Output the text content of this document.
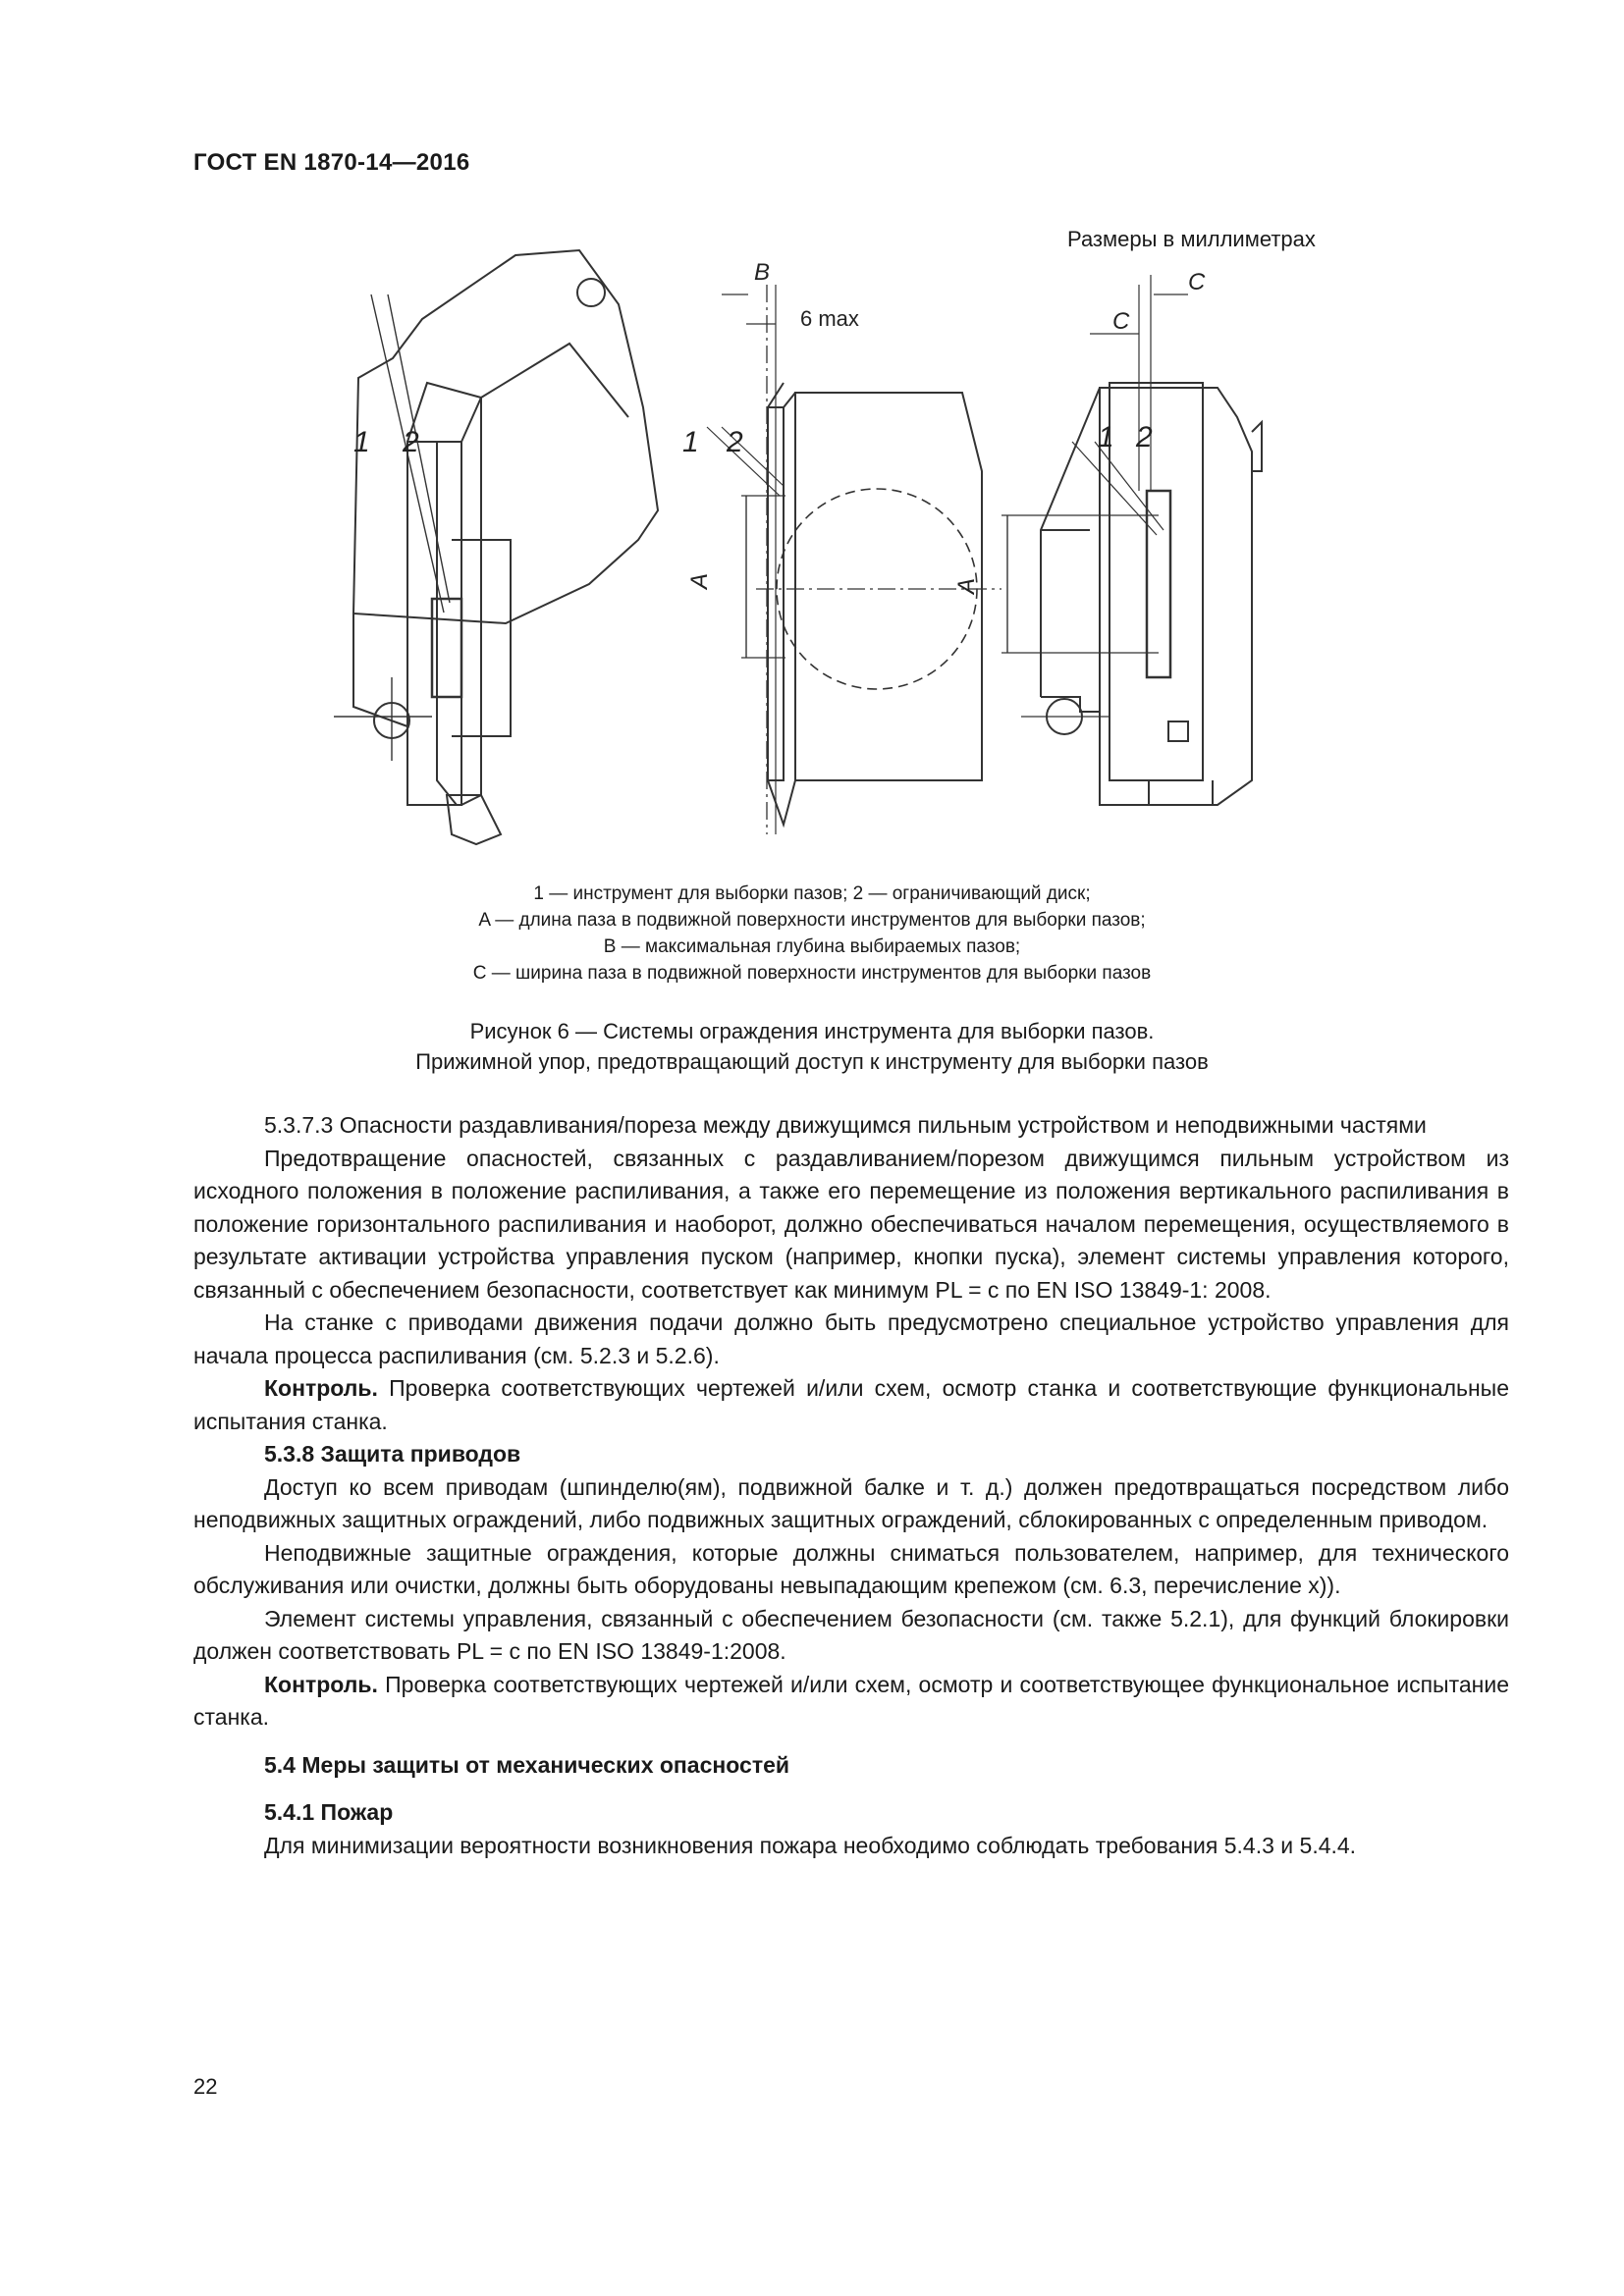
ГОСТ EN 1870-14—2016
Размеры в миллиметрах
1 2	1 2	1 2
B
C
C
A	A
6 max
1 — инструмент для выборки пазов; 2 — ограничивающий диск;
A — длина паза в подвижной поверхности инструментов для выборки пазов;
B — максимальная глубина выбираемых пазов;
C — ширина паза в подвижной поверхности инструментов для выборки пазов
Рисунок 6 — Системы ограждения инструмента для выборки пазов.
Прижимной упор, предотвращающий доступ к инструменту для выборки пазов

5.3.7.3 Опасности раздавливания/пореза между движущимся пильным устройством и неподвижными частями

Предотвращение опасностей, связанных с раздавливанием/порезом движущимся пильным устройством из исходного положения в положение распиливания, а также его перемещение из положения вертикального распиливания в положение горизонтального распиливания и наоборот, должно обеспечиваться началом перемещения, осуществляемого в результате активации устройства управления пуском (например, кнопки пуска), элемент системы управления которого, связанный с обеспечением безопасности, соответствует как минимум PL = с по EN ISO 13849-1: 2008.

На станке с приводами движения подачи должно быть предусмотрено специальное устройство управления для начала процесса распиливания (см. 5.2.3 и 5.2.6).

Контроль. Проверка соответствующих чертежей и/или схем, осмотр станка и соответствующие функциональные испытания станка.

5.3.8 Защита приводов

Доступ ко всем приводам (шпинделю(ям), подвижной балке и т. д.) должен предотвращаться посредством либо неподвижных защитных ограждений, либо подвижных защитных ограждений, сблокированных с определенным приводом.

Неподвижные защитные ограждения, которые должны сниматься пользователем, например, для технического обслуживания или очистки, должны быть оборудованы невыпадающим крепежом (см. 6.3, перечисление х)).

Элемент системы управления, связанный с обеспечением безопасности (см. также 5.2.1), для функций блокировки должен соответствовать PL = с по EN ISO 13849-1:2008.

Контроль. Проверка соответствующих чертежей и/или схем, осмотр и соответствующее функциональное испытание станка.

5.4 Меры защиты от механических опасностей

5.4.1 Пожар

Для минимизации вероятности возникновения пожара необходимо соблюдать требования 5.4.3 и 5.4.4.

22
